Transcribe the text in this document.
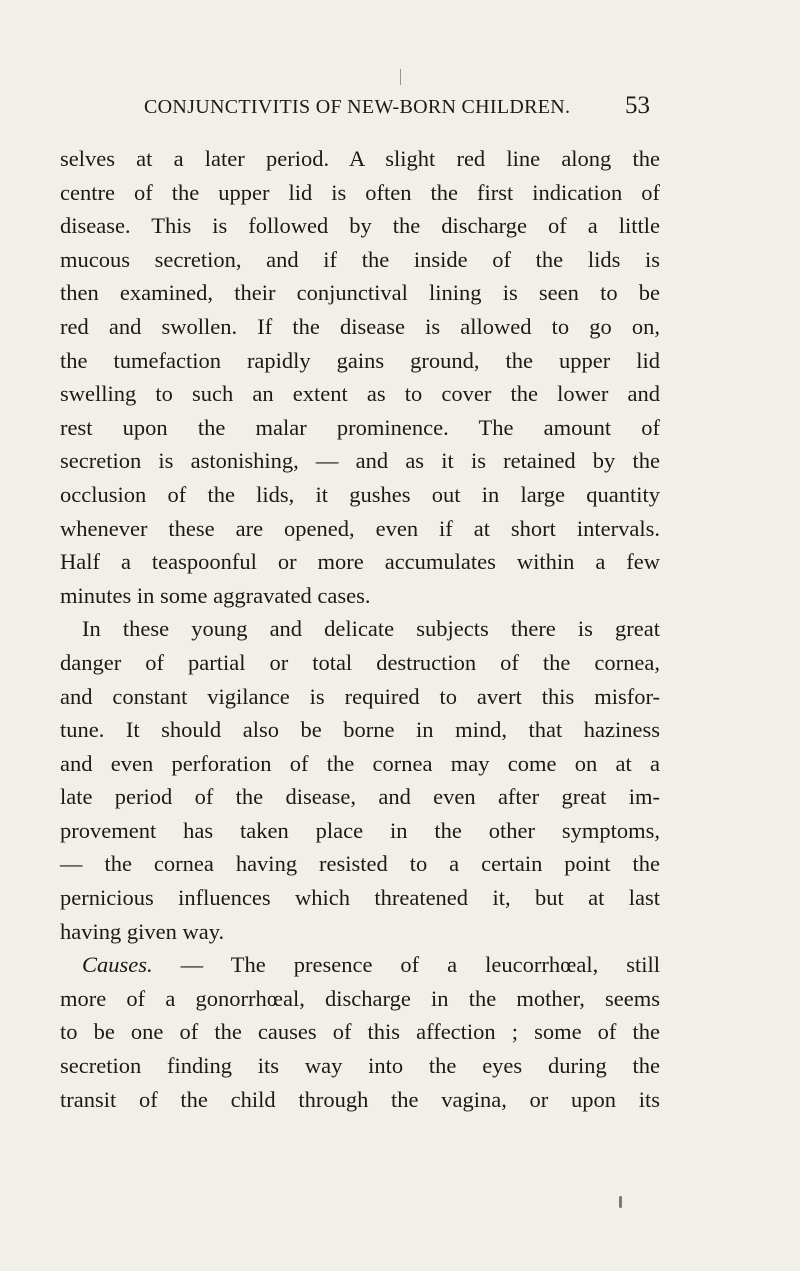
CONJUNCTIVITIS OF NEW-BORN CHILDREN. 53
selves at a later period. A slight red line along the
centre of the upper lid is often the first indication of
disease. This is followed by the discharge of a little
mucous secretion, and if the inside of the lids is
then examined, their conjunctival lining is seen to be
red and swollen. If the disease is allowed to go on,
the tumefaction rapidly gains ground, the upper lid
swelling to such an extent as to cover the lower and
rest upon the malar prominence. The amount of
secretion is astonishing, — and as it is retained by the
occlusion of the lids, it gushes out in large quantity
whenever these are opened, even if at short intervals.
Half a teaspoonful or more accumulates within a few
minutes in some aggravated cases.
In these young and delicate subjects there is great
danger of partial or total destruction of the cornea,
and constant vigilance is required to avert this misfor-
tune. It should also be borne in mind, that haziness
and even perforation of the cornea may come on at a
late period of the disease, and even after great im-
provement has taken place in the other symptoms,
— the cornea having resisted to a certain point the
pernicious influences which threatened it, but at last
having given way.
Causes. — The presence of a leucorrhœal, still
more of a gonorrhœal, discharge in the mother, seems
to be one of the causes of this affection ; some of the
secretion finding its way into the eyes during the
transit of the child through the vagina, or upon its
